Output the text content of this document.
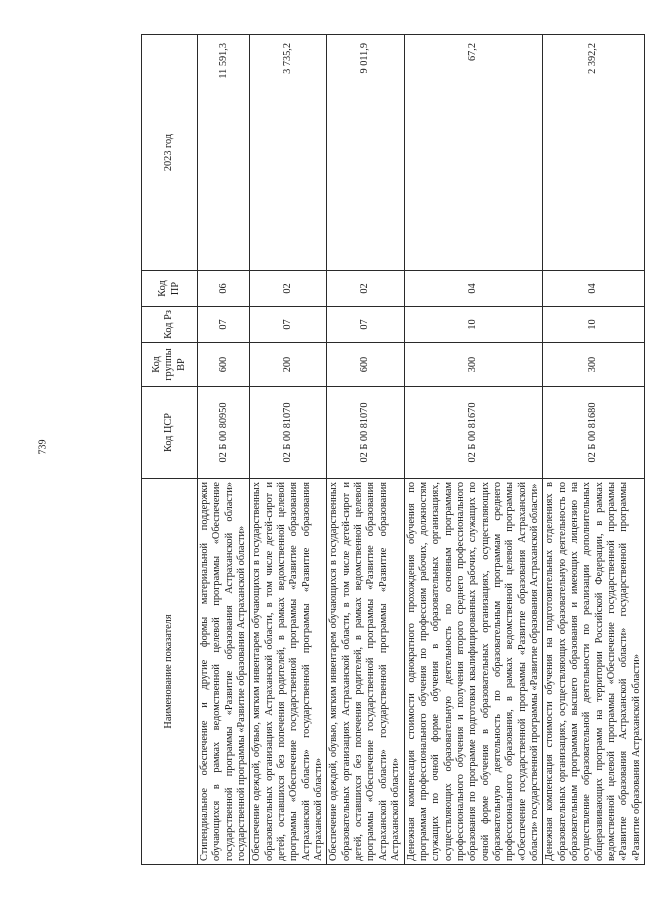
739
Наименование показателя	Код ЦСР	Код группы ВР	Код Рз	Код ПР	2023 год
Стипендиальное обеспечение и другие формы материальной поддержки обучающихся в рамках ведомственной целевой программы «Обеспечение государственной программы «Развитие образования Астраханской области» государственной программы «Развитие образования Астраханской области»	02 Б 00 80950	600	07	06	11 591,3
Обеспечение одеждой, обувью, мягким инвентарем обучающихся в государственных образовательных организациях Астраханской области, в том числе детей-сирот и детей, оставшихся без попечения родителей, в рамках ведомственной целевой программы «Обеспечение государственной программы «Развитие образования Астраханской области» государственной программы «Развитие образования Астраханской области»	02 Б 00 81070	200	07	02	3 735,2
Обеспечение одеждой, обувью, мягким инвентарем обучающихся в государственных образовательных организациях Астраханской области, в том числе детей-сирот и детей, оставшихся без попечения родителей, в рамках ведомственной целевой программы «Обеспечение государственной программы «Развитие образования Астраханской области» государственной программы «Развитие образования Астраханской области»	02 Б 00 81070	600	07	02	9 011,9
Денежная компенсация стоимости однократного прохождения обучения по программам профессионального обучения по профессиям рабочих, должностям служащих по очной форме обучения в образовательных организациях, осуществляющих образовательную деятельность по основным программам профессионального обучения и получения второго среднего профессионального образования по программе подготовки квалифицированных рабочих, служащих по очной форме обучения в образовательных организациях, осуществляющих образовательную деятельность по образовательным программам среднего профессионального образования, в рамках ведомственной целевой программы «Обеспечение государственной программы «Развитие образования Астраханской области» государственной программы «Развитие образования Астраханской области»	02 Б 00 81670	300	10	04	67,2
Денежная компенсация стоимости обучения на подготовительных отделениях в образовательных организациях, осуществляющих образовательную деятельность по образовательным программам высшего образования и имеющих лицензию на осуществление образовательной деятельности по реализации дополнительных общеразвивающих программ на территории Российской Федерации, в рамках ведомственной целевой программы «Обеспечение государственной программы «Развитие образования Астраханской области» государственной программы «Развитие образования Астраханской области»	02 Б 00 81680	300	10	04	2 392,2
